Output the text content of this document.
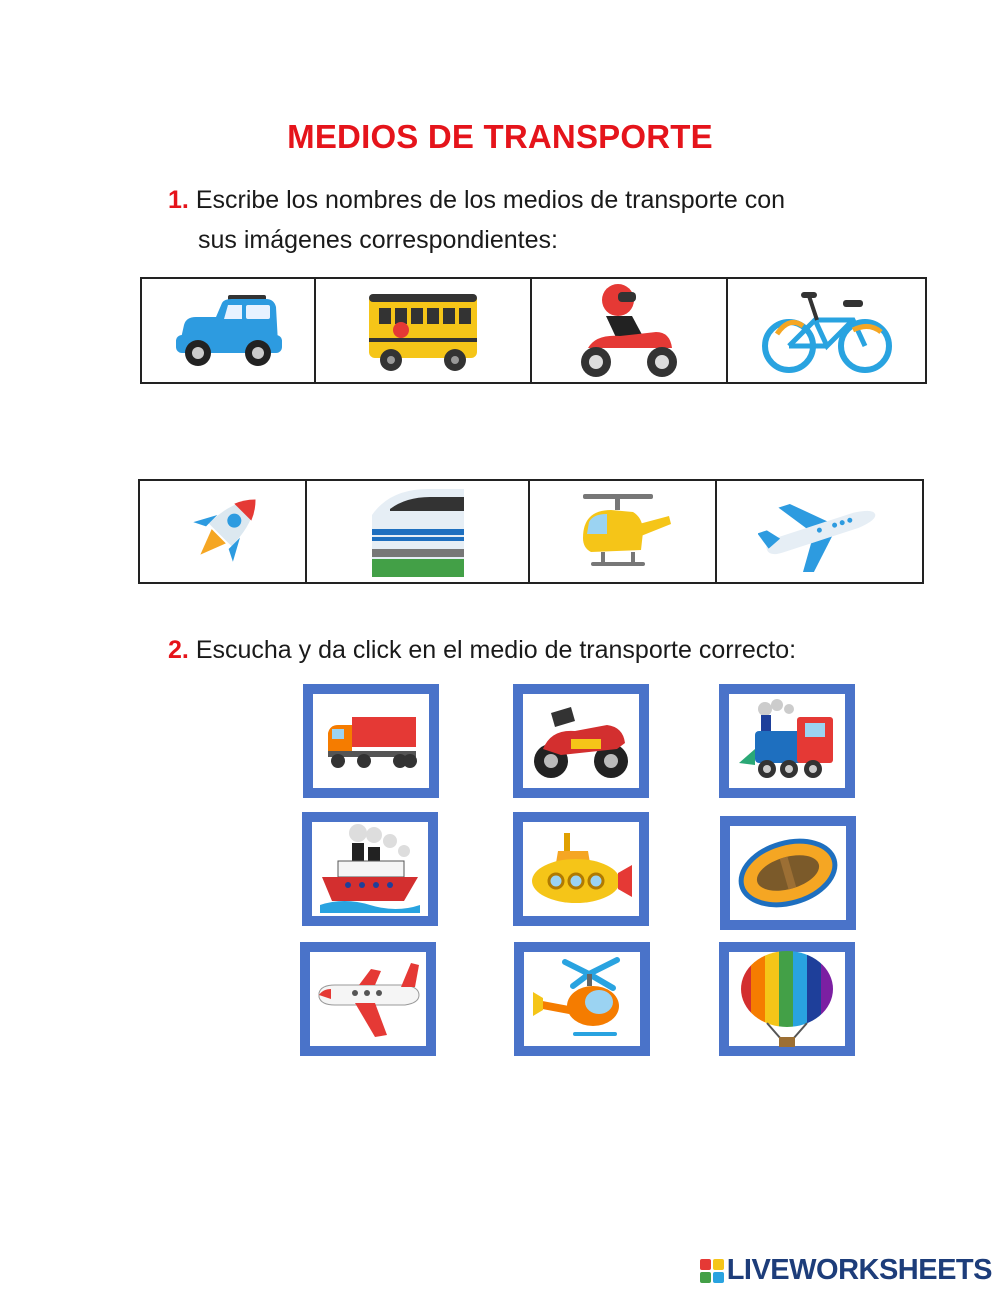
MEDIOS DE TRANSPORTE
1. Escribe los nombres de los medios de transporte con
sus imágenes correspondientes:
2. Escucha y da click en el medio de transporte correcto:
LIVEWORKSHEETS
